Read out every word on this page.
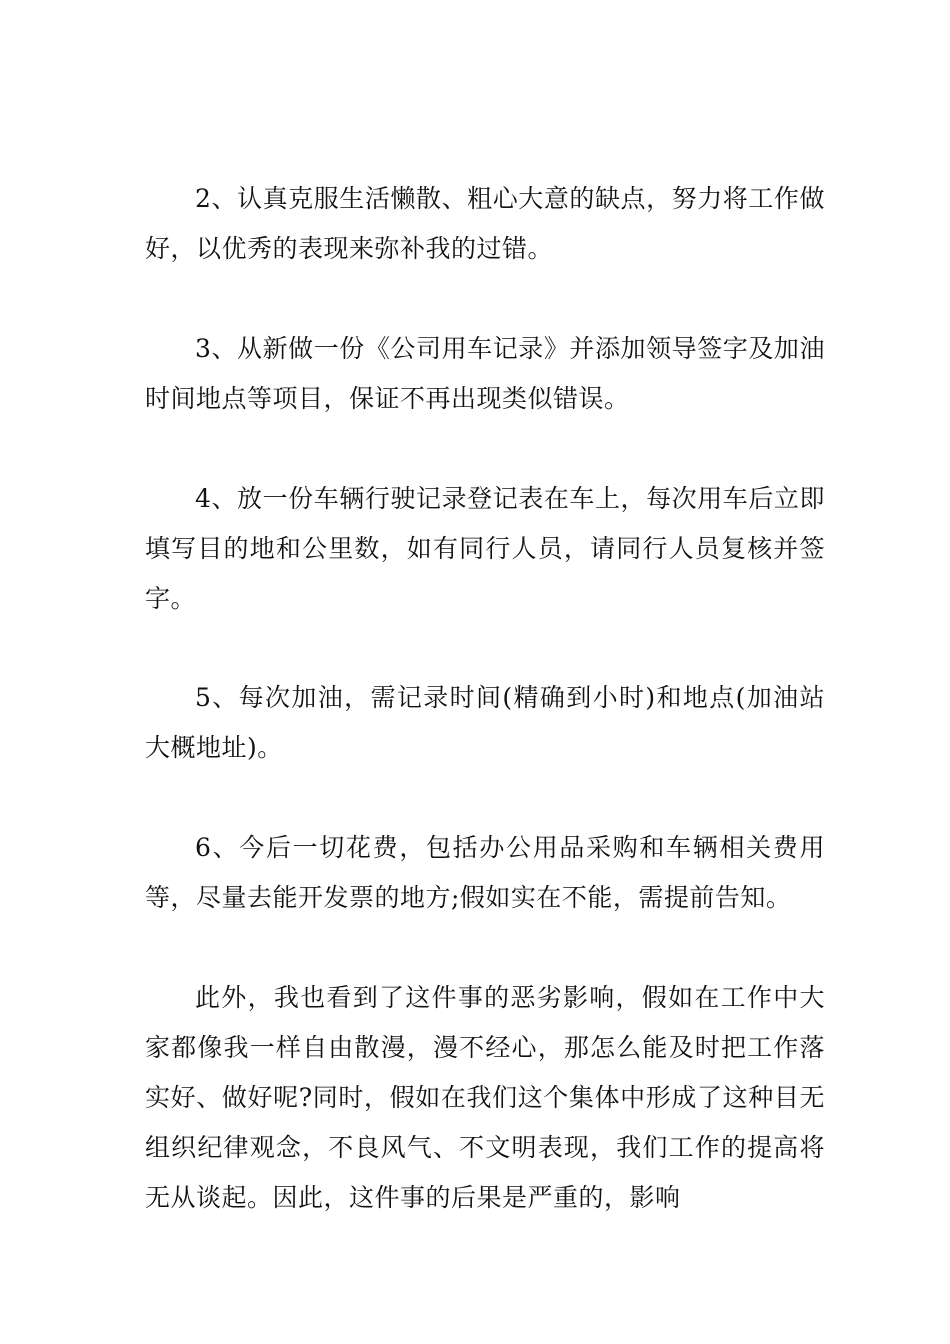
2、认真克服生活懒散、粗心大意的缺点，努力将工作做好，以优秀的表现来弥补我的过错。

3、从新做一份《公司用车记录》并添加领导签字及加油时间地点等项目，保证不再出现类似错误。

4、放一份车辆行驶记录登记表在车上，每次用车后立即填写目的地和公里数，如有同行人员，请同行人员复核并签字。

5、每次加油，需记录时间(精确到小时)和地点(加油站大概地址)。

6、今后一切花费，包括办公用品采购和车辆相关费用等，尽量去能开发票的地方;假如实在不能，需提前告知。

此外，我也看到了这件事的恶劣影响，假如在工作中大家都像我一样自由散漫，漫不经心，那怎么能及时把工作落实好、做好呢?同时，假如在我们这个集体中形成了这种目无组织纪律观念，不良风气、不文明表现，我们工作的提高将无从谈起。因此，这件事的后果是严重的，影响
